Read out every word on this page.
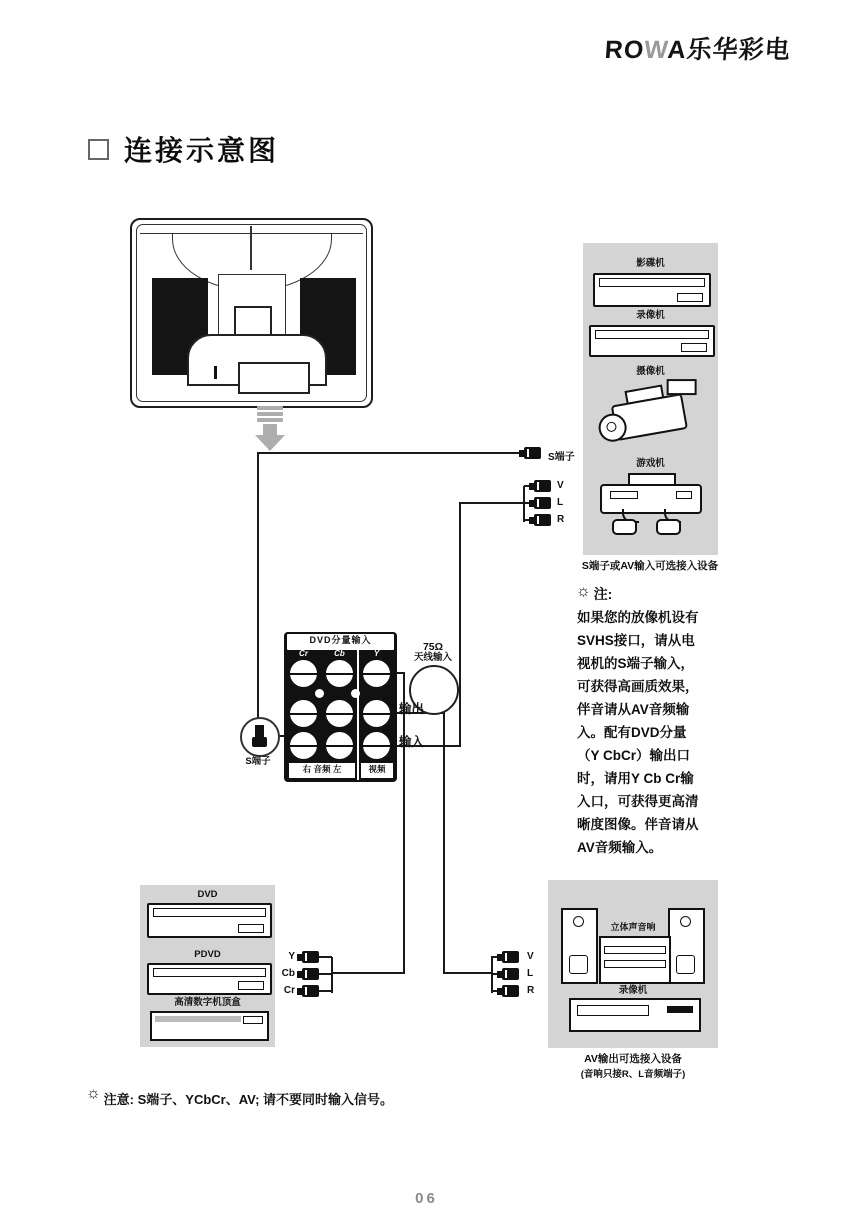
ROWA乐华彩电
连接示意图
S端子
V
L
R
影碟机
录像机
摄像机
游戏机
S端子或AV输入可选接入设备
☼ 注:
如果您的放像机设有
SVHS接口，请从电
视机的S端子输入，
可获得高画质效果，
伴音请从AV音频输
入。配有DVD分量
（Y CbCr）输出口
时，请用Y Cb Cr输
入口，可获得更高清
晰度图像。伴音请从
AV音频输入。
DVD分量输入
Cr	Cb	Y
右 音频 左	视频
75Ω
天线输入
输出
输入
S端子
DVD
PDVD
高清数字机顶盒
Y
Cb
Cr
V
L
R
立体声音响
录像机
AV输出可选接入设备
(音响只接R、L音频端子)
☼ 注意: S端子、YCbCr、AV; 请不要同时输入信号。
06
